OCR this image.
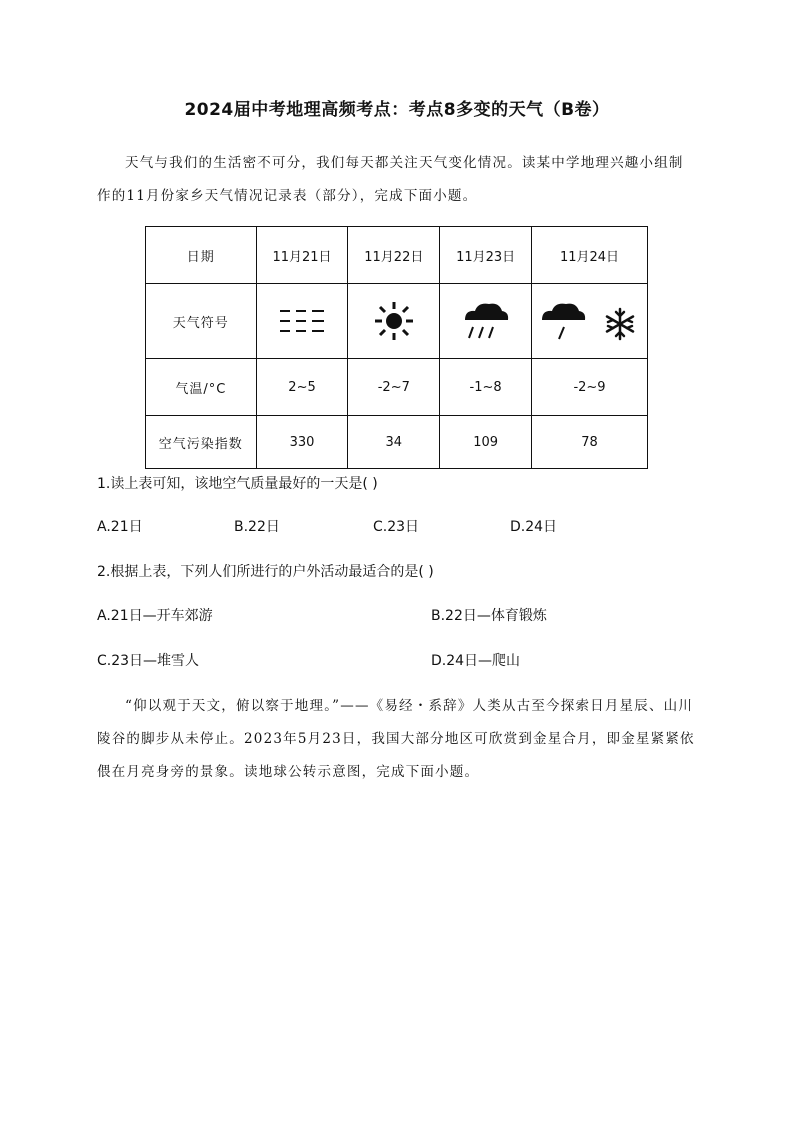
2024届中考地理高频考点：考点8多变的天气（B卷）
天气与我们的生活密不可分，我们每天都关注天气变化情况。读某中学地理兴趣小组制作的11月份家乡天气情况记录表（部分），完成下面小题。
日期	11月21日	11月22日	11月23日	11月24日
天气符号				
气温/°C	2~5	-2~7	-1~8	-2~9
空气污染指数	330	34	109	78
1.读上表可知，该地空气质量最好的一天是( )
A.21日	B.22日	C.23日	D.24日
2.根据上表，下列人们所进行的户外活动最适合的是( )
A.21日—开车郊游	B.22日—体育锻炼
C.23日—堆雪人	D.24日—爬山
“仰以观于天文，俯以察于地理。”——《易经・系辞》人类从古至今探索日月星辰、山川陵谷的脚步从未停止。2023年5月23日，我国大部分地区可欣赏到金星合月，即金星紧紧依偎在月亮身旁的景象。读地球公转示意图，完成下面小题。
